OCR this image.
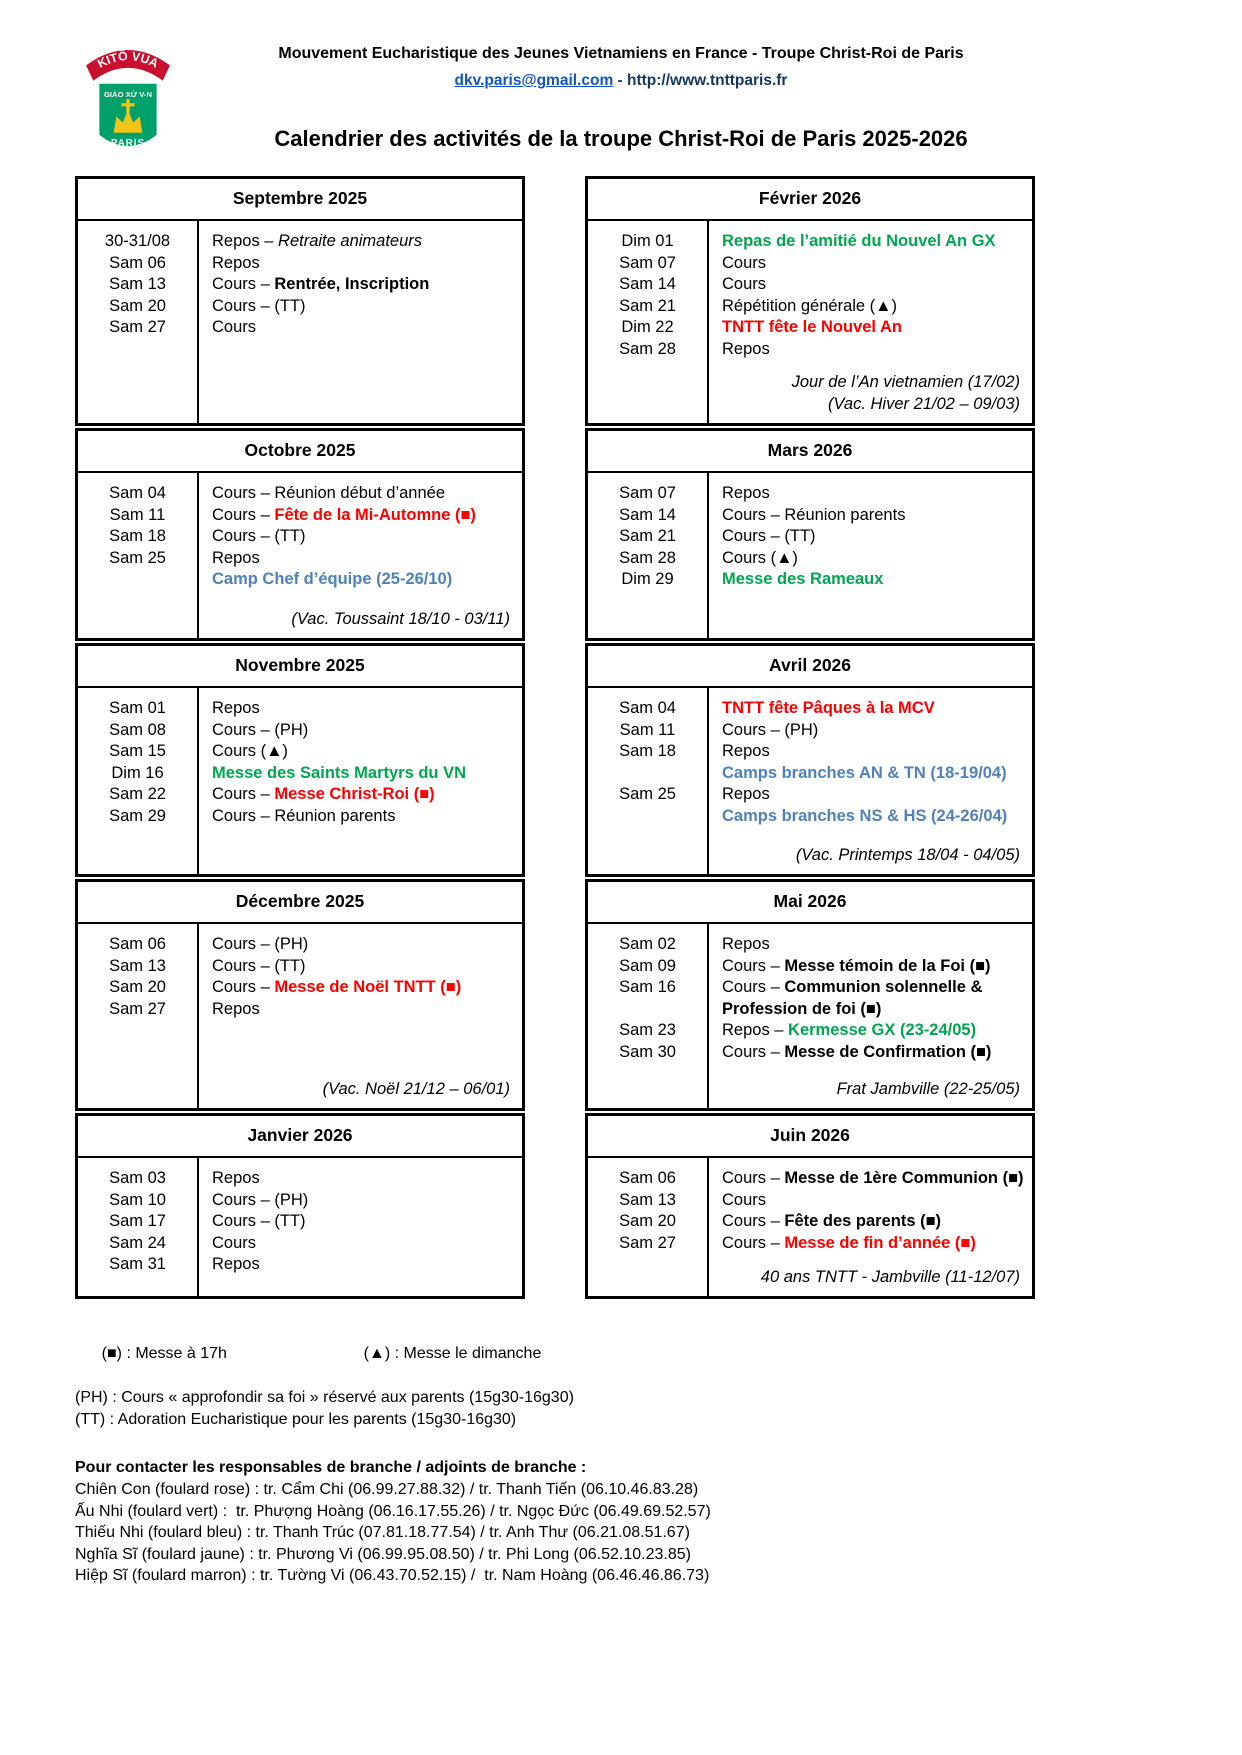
KITÔ VUA
GIÁO XỨ V-N
PARIS
Mouvement Eucharistique des Jeunes Vietnamiens en France - Troupe Christ-Roi de Paris
dkv.paris@gmail.com - http://www.tnttparis.fr
Calendrier des activités de la troupe Christ-Roi de Paris 2025-2026
Septembre 2025
30-31/08
Sam 06
Sam 13
Sam 20
Sam 27
Repos – Retraite animateurs
Repos
Cours – Rentrée, Inscription
Cours – (TT)
Cours
Octobre 2025
Sam 04
Sam 11
Sam 18
Sam 25

Cours – Réunion début d’année
Cours – Fête de la Mi-Automne (■)
Cours – (TT)
Repos
Camp Chef d’équipe (25-26/10)
(Vac. Toussaint 18/10 - 03/11)
Novembre 2025
Sam 01
Sam 08
Sam 15
Dim 16
Sam 22
Sam 29
Repos
Cours – (PH)
Cours (▲)
Messe des Saints Martyrs du VN
Cours – Messe Christ-Roi (■)
Cours – Réunion parents
Décembre 2025
Sam 06
Sam 13
Sam 20
Sam 27
Cours – (PH)
Cours – (TT)
Cours – Messe de Noël TNTT (■)
Repos
(Vac. Noël 21/12 – 06/01)
Janvier 2026
Sam 03
Sam 10
Sam 17
Sam 24
Sam 31
Repos
Cours – (PH)
Cours – (TT)
Cours
Repos
Février 2026
Dim 01
Sam 07
Sam 14
Sam 21
Dim 22
Sam 28
Repas de l’amitié du Nouvel An GX
Cours
Cours
Répétition générale (▲)
TNTT fête le Nouvel An
Repos
Jour de l’An vietnamien (17/02)
(Vac. Hiver 21/02 – 09/03)
Mars 2026
Sam 07
Sam 14
Sam 21
Sam 28
Dim 29
Repos
Cours – Réunion parents
Cours – (TT)
Cours (▲)
Messe des Rameaux
Avril 2026
Sam 04
Sam 11
Sam 18

Sam 25

TNTT fête Pâques à la MCV
Cours – (PH)
Repos
Camps branches AN & TN (18-19/04)
Repos
Camps branches NS & HS (24-26/04)
(Vac. Printemps 18/04 - 04/05)
Mai 2026
Sam 02
Sam 09
Sam 16

Sam 23
Sam 30
Repos
Cours – Messe témoin de la Foi (■)
Cours – Communion solennelle &
Profession de foi (■)
Repos – Kermesse GX (23-24/05)
Cours – Messe de Confirmation (■)
Frat Jambville (22-25/05)
Juin 2026
Sam 06
Sam 13
Sam 20
Sam 27
Cours – Messe de 1ère Communion (■)
Cours
Cours – Fête des parents (■)
Cours – Messe de fin d’année (■)
40 ans TNTT - Jambville (11-12/07)

(■) : Messe à 17h	(▲) : Messe le dimanche

(PH) : Cours « approfondir sa foi » réservé aux parents (15g30-16g30)
(TT) : Adoration Eucharistique pour les parents (15g30-16g30)
Pour contacter les responsables de branche / adjoints de branche :
Chiên Con (foulard rose) : tr. Cẩm Chi (06.99.27.88.32) / tr. Thanh Tiến (06.10.46.83.28)
Ấu Nhi (foulard vert) :  tr. Phượng Hoàng (06.16.17.55.26) / tr. Ngọc Đức (06.49.69.52.57)
Thiếu Nhi (foulard bleu) : tr. Thanh Trúc (07.81.18.77.54) / tr. Anh Thư (06.21.08.51.67)
Nghĩa Sĩ (foulard jaune) : tr. Phương Vi (06.99.95.08.50) / tr. Phi Long (06.52.10.23.85)
Hiệp Sĩ (foulard marron) : tr. Tường Vi (06.43.70.52.15) /  tr. Nam Hoàng (06.46.46.86.73)
